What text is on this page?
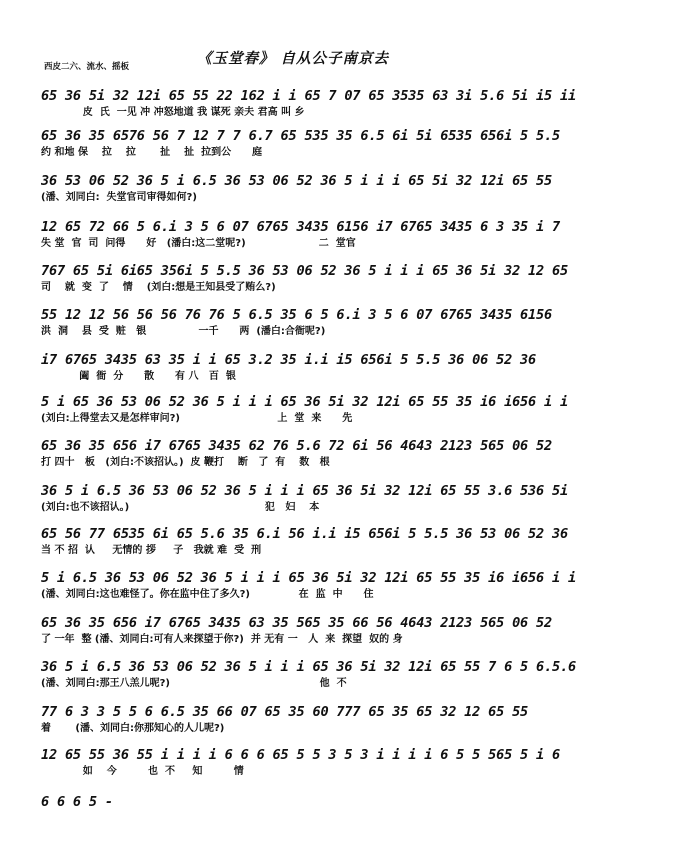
西皮二六、流水、摇板	《玉堂春》 自从公子南京去
65 36 5i 32 12i 65 55 22 162 i i 65 7 07 65 3535 63 3i 5.6 5i i5 ii
皮  氏  一见 冲 冲怒地道 我 谋死 亲夫 君高 叫 乡
65 36 35 6576 56 7 12 7 7 6.7 65 535 35 6.5 6i 5i 6535 656i 5 5.5
约 和地 保    拉    拉       扯    扯  拉到公      庭
36 53 06 52 36 5 i 6.5 36 53 06 52 36 5 i i i 65 5i 32 12i 65 55
(潘、刘同白:  失堂官司审得如何?)
12 65 72 66 5 6.i 3 5 6 07 6765 3435 6156 i7 6765 3435 6 3 35 i 7
失 堂  官  司  问得      好   (潘白:这二堂呢?)                     二  堂官
767 65 5i 6i65 356i 5 5.5 36 53 06 52 36 5 i i i 65 36 5i 32 12 65
司    就  变  了    情    (刘白:想是王知县受了贿么?)
55 12 12 56 56 56 76 76 5 6.5 35 6 5 6.i 3 5 6 07 6765 3435 6156
洪  洞    县  受  赃   银               一千      两  (潘白:合衙呢?)
i7 6765 3435 63 35 i i 65 3.2 35 i.i i5 656i 5 5.5 36 06 52 36
阖  衙  分      散      有 八   百  银
5 i 65 36 53 06 52 36 5 i i i 65 36 5i 32 12i 65 55 35 i6 i656 i i
(刘白:上得堂去又是怎样审问?)                            上  堂  来      先
65 36 35 656 i7 6765 3435 62 76 5.6 72 6i 56 4643 2123 565 06 52
打 四十   板   (刘白:不该招认。)  皮 鞭打    断   了  有    数   根
36 5 i 6.5 36 53 06 52 36 5 i i i 65 36 5i 32 12i 65 55 3.6 536 5i
(刘白:也不该招认。)                                       犯   妇    本
65 56 77 6535 6i 65 5.6 35 6.i 56 i.i i5 656i 5 5.5 36 53 06 52 36
当 不 招  认     无情的 拶     子   我就 难  受  刑
5 i 6.5 36 53 06 52 36 5 i i i 65 36 5i 32 12i 65 55 35 i6 i656 i i
(潘、刘同白:这也难怪了。你在监中住了多久?)              在  监  中      住
65 36 35 656 i7 6765 3435 63 35 565 35 66 56 4643 2123 565 06 52
了 一年  整 (潘、刘同白:可有人来探望于你?)  并 无有 一   人  来  探望  奴的 身
36 5 i 6.5 36 53 06 52 36 5 i i i 65 36 5i 32 12i 65 55 7 6 5 6.5.6
(潘、刘同白:那王八羔儿呢?)                                           他  不
77 6 3 3 5 5 6 6.5 35 66 07 65 35 60 777 65 35 65 32 12 65 55
着       (潘、刘同白:你那知心的人儿呢?)
12 65 55 36 55 i i i i 6 6 6 65 5 5 3 5 3 i i i i 6 5 5 565 5 i 6
如    今         也  不     知         情
6 6 6 5 -
